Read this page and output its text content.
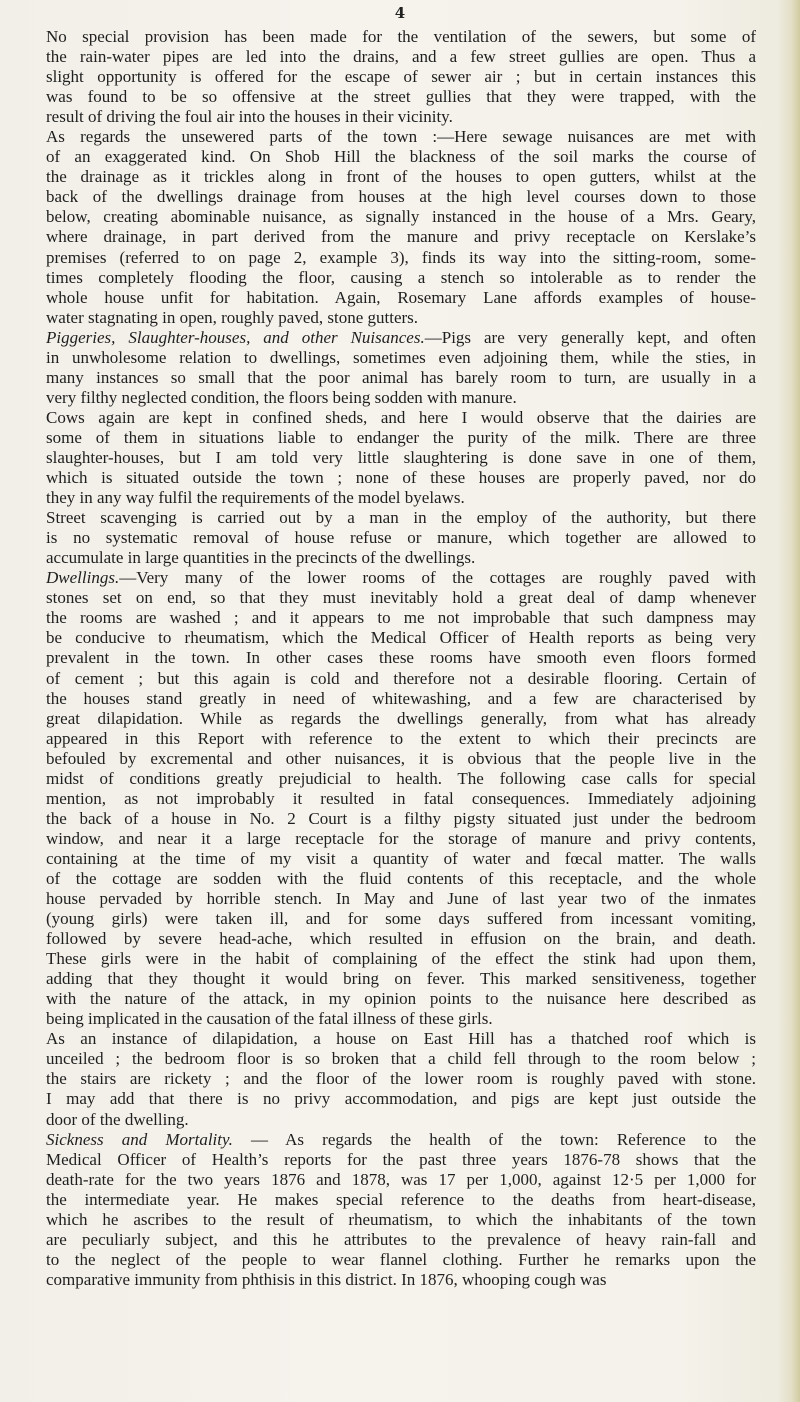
4

No special provision has been made for the ventilation of the sewers, but some of
the rain-water pipes are led into the drains, and a few street gullies are open. Thus a
slight opportunity is offered for the escape of sewer air ; but in certain instances this
was found to be so offensive at the street gullies that they were trapped, with the
result of driving the foul air into the houses in their vicinity.

As regards the unsewered parts of the town :—Here sewage nuisances are met with
of an exaggerated kind. On Shob Hill the blackness of the soil marks the course of
the drainage as it trickles along in front of the houses to open gutters, whilst at the
back of the dwellings drainage from houses at the high level courses down to those
below, creating abominable nuisance, as signally instanced in the house of a Mrs. Geary,
where drainage, in part derived from the manure and privy receptacle on Kerslake’s
premises (referred to on page 2, example 3), finds its way into the sitting-room, some-
times completely flooding the floor, causing a stench so intolerable as to render the
whole house unfit for habitation. Again, Rosemary Lane affords examples of house-
water stagnating in open, roughly paved, stone gutters.

Piggeries, Slaughter-houses, and other Nuisances.—Pigs are very generally kept, and often
in unwholesome relation to dwellings, sometimes even adjoining them, while the sties, in
many instances so small that the poor animal has barely room to turn, are usually in a
very filthy neglected condition, the floors being sodden with manure.

Cows again are kept in confined sheds, and here I would observe that the dairies are
some of them in situations liable to endanger the purity of the milk. There are three
slaughter-houses, but I am told very little slaughtering is done save in one of them,
which is situated outside the town ; none of these houses are properly paved, nor do
they in any way fulfil the requirements of the model byelaws.

Street scavenging is carried out by a man in the employ of the authority, but there
is no systematic removal of house refuse or manure, which together are allowed to
accumulate in large quantities in the precincts of the dwellings.

Dwellings.—Very many of the lower rooms of the cottages are roughly paved with
stones set on end, so that they must inevitably hold a great deal of damp whenever
the rooms are washed ; and it appears to me not improbable that such dampness may
be conducive to rheumatism, which the Medical Officer of Health reports as being very
prevalent in the town. In other cases these rooms have smooth even floors formed
of cement ; but this again is cold and therefore not a desirable flooring. Certain of
the houses stand greatly in need of whitewashing, and a few are characterised by
great dilapidation. While as regards the dwellings generally, from what has already
appeared in this Report with reference to the extent to which their precincts are
befouled by excremental and other nuisances, it is obvious that the people live in the
midst of conditions greatly prejudicial to health. The following case calls for special
mention, as not improbably it resulted in fatal consequences. Immediately adjoining
the back of a house in No. 2 Court is a filthy pigsty situated just under the bedroom
window, and near it a large receptacle for the storage of manure and privy contents,
containing at the time of my visit a quantity of water and fœcal matter. The walls
of the cottage are sodden with the fluid contents of this receptacle, and the whole
house pervaded by horrible stench. In May and June of last year two of the inmates
(young girls) were taken ill, and for some days suffered from incessant vomiting,
followed by severe head-ache, which resulted in effusion on the brain, and death.
These girls were in the habit of complaining of the effect the stink had upon them,
adding that they thought it would bring on fever. This marked sensitiveness, together
with the nature of the attack, in my opinion points to the nuisance here described as
being implicated in the causation of the fatal illness of these girls.

As an instance of dilapidation, a house on East Hill has a thatched roof which is
unceiled ; the bedroom floor is so broken that a child fell through to the room below ;
the stairs are rickety ; and the floor of the lower room is roughly paved with stone.
I may add that there is no privy accommodation, and pigs are kept just outside the
door of the dwelling.

Sickness and Mortality. — As regards the health of the town: Reference to the
Medical Officer of Health’s reports for the past three years 1876-78 shows that the
death-rate for the two years 1876 and 1878, was 17 per 1,000, against 12·5 per 1,000 for
the intermediate year. He makes special reference to the deaths from heart-disease,
which he ascribes to the result of rheumatism, to which the inhabitants of the town
are peculiarly subject, and this he attributes to the prevalence of heavy rain-fall and
to the neglect of the people to wear flannel clothing. Further he remarks upon the
comparative immunity from phthisis in this district. In 1876, whooping cough was
